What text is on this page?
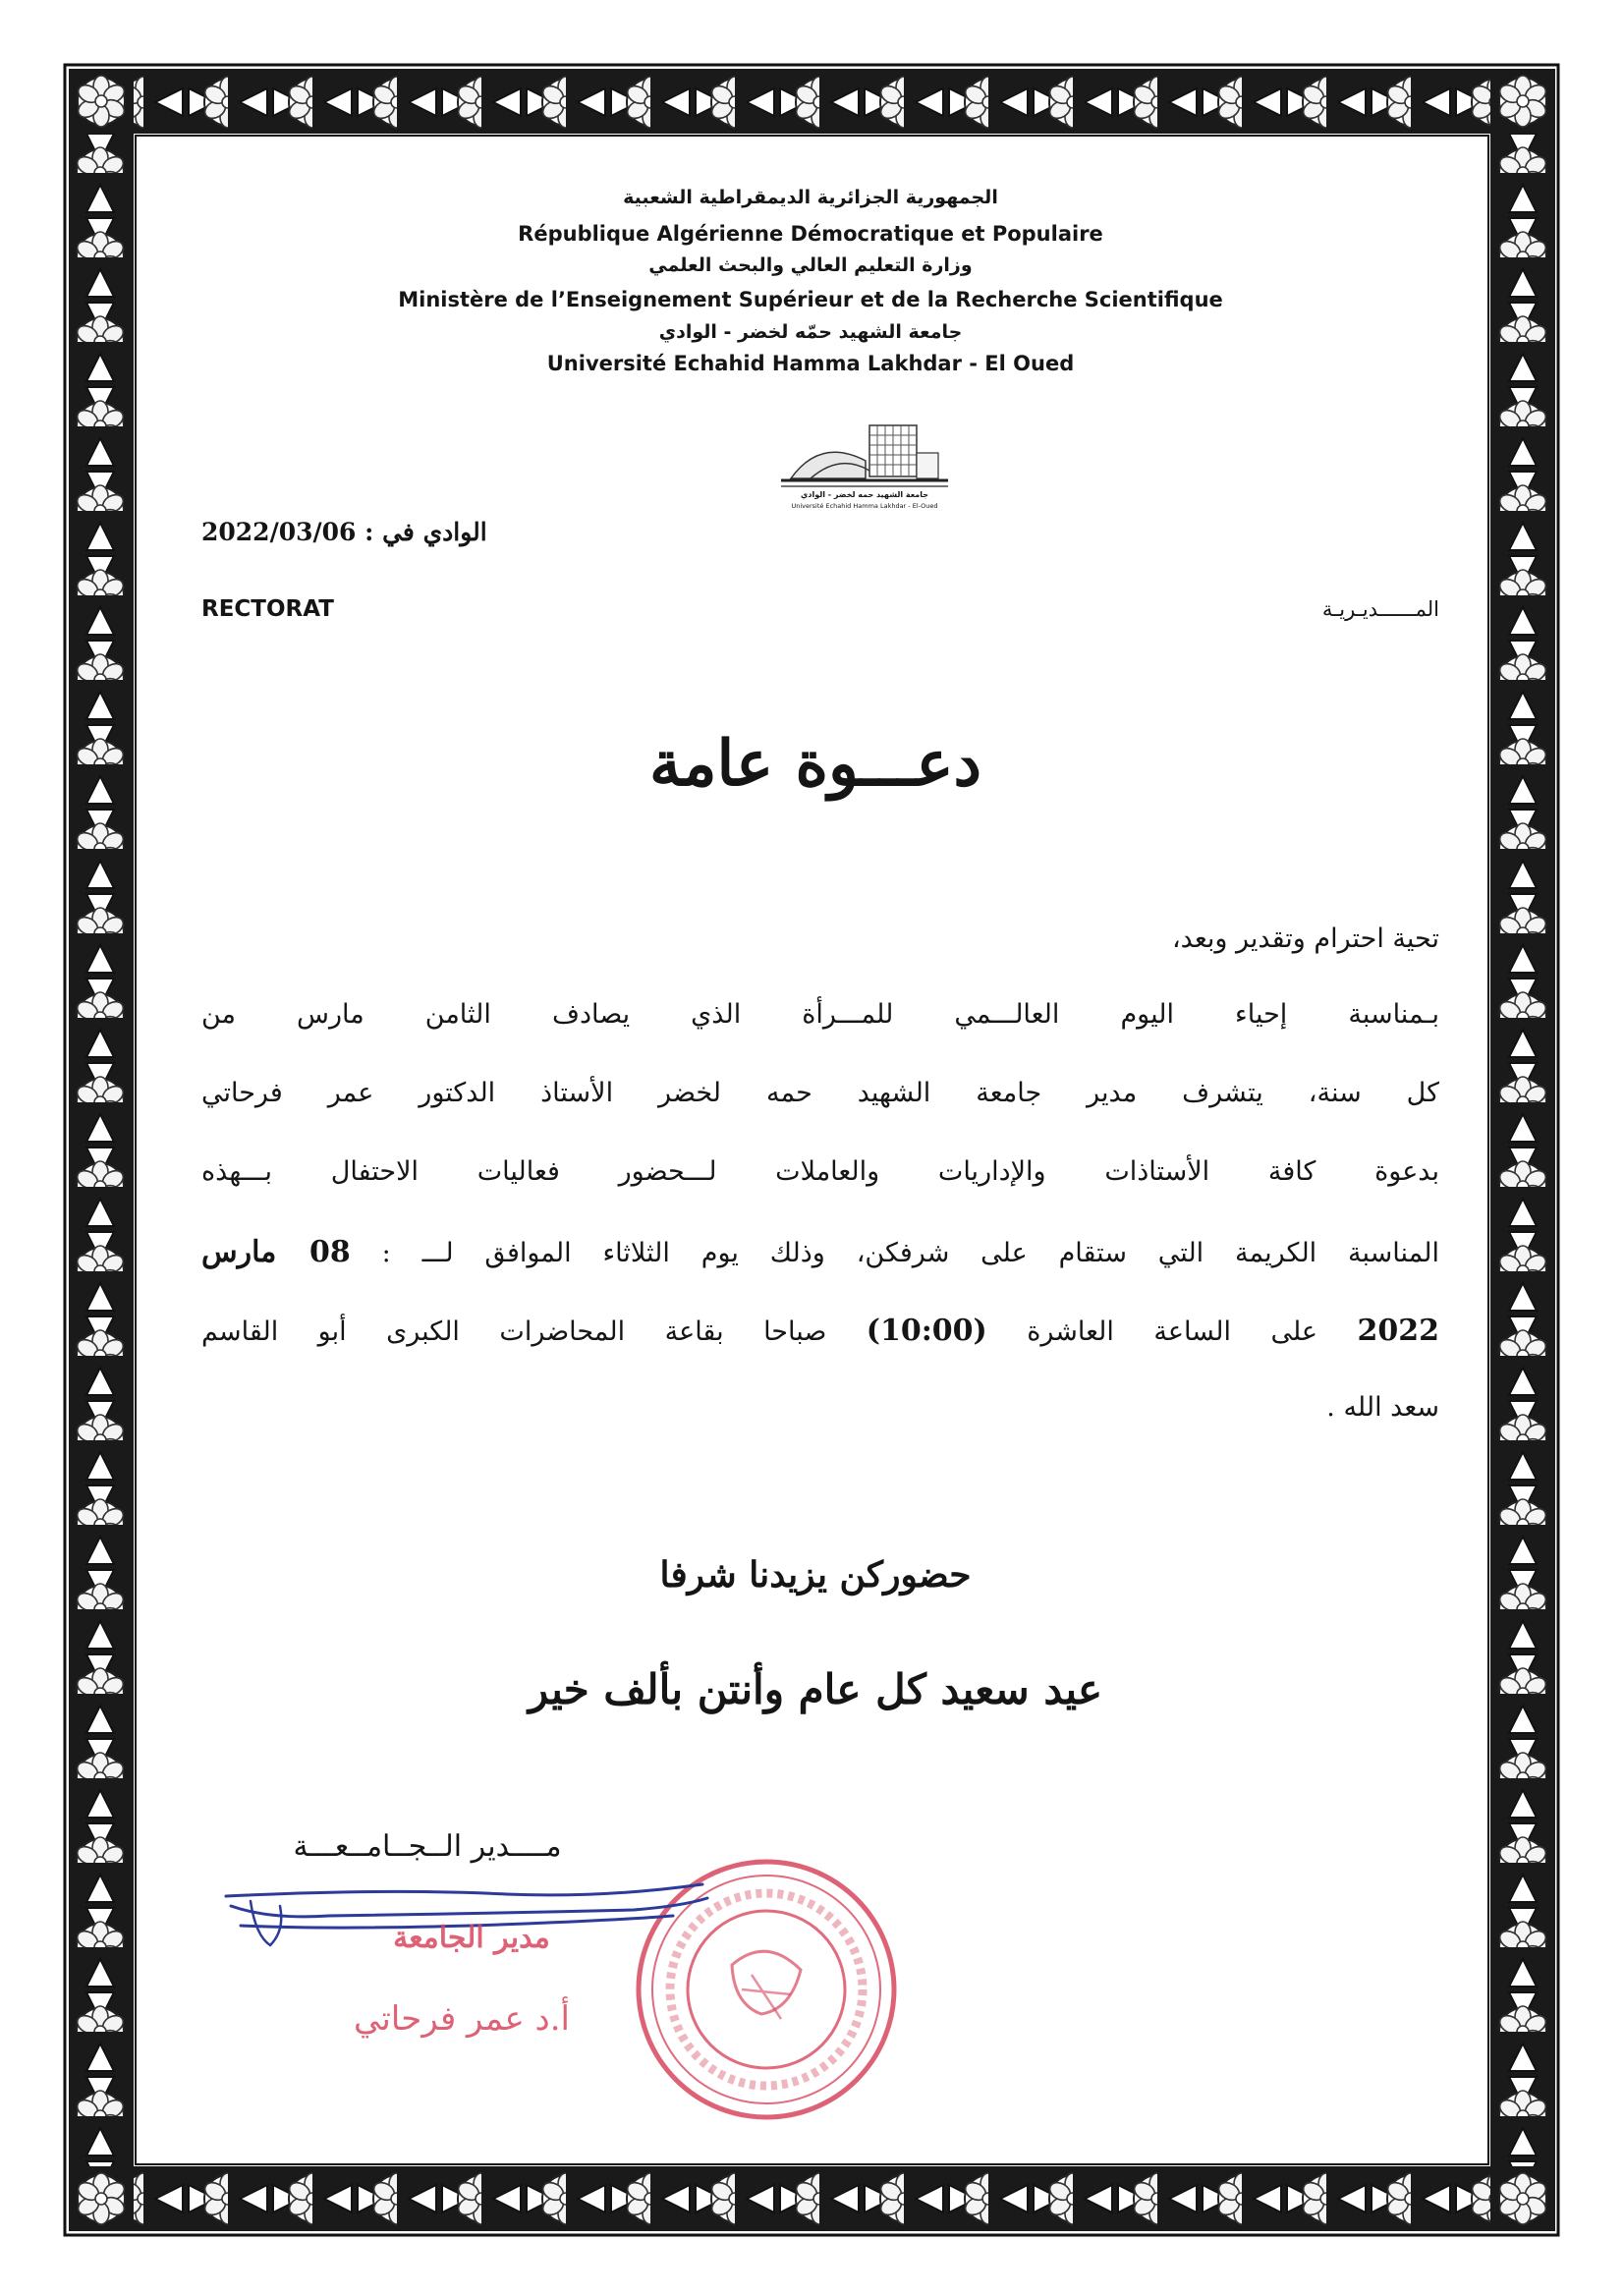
الجمهورية الجزائرية الديمقراطية الشعبية
République Algérienne Démocratique et Populaire
وزارة التعليم العالي والبحث العلمي
Ministère de l’Enseignement Supérieur et de la Recherche Scientifique
جامعة الشهيد حمّه لخضر - الوادي
Université Echahid Hamma Lakhdar - El Oued
جامعة الشهيد حمه لخضر - الوادي
Université Echahid Hamma Lakhdar - El-Oued
الوادي في : 2022/03/06
RECTORAT	المــــــديـريـة
دعـــوة عامة
تحية احترام وتقدير وبعد،
بـمناسبة إحياء اليوم العالـــمي للمـــرأة الذي يصادف الثامن مارس من
كل سنة، يتشرف مدير جامعة الشهيد حمه لخضر الأستاذ الدكتور عمر فرحاتي
بدعوة كافة الأستاذات والإداريات والعاملات لـــحضور فعاليات الاحتفال بـــهذه
المناسبة الكريمة التي ستقام على شرفكن، وذلك يوم الثلاثاء الموافق لـــ : 08 مارس
2022 على الساعة العاشرة (10:00) صباحا بقاعة المحاضرات الكبرى أبو القاسم
سعد الله .
حضوركن يزيدنا شرفا
عيد سعيد كل عام وأنتن بألف خير
مــــدير الــجــامــعـــة
مدير الجامعة
أ.د عمر فرحاتي
